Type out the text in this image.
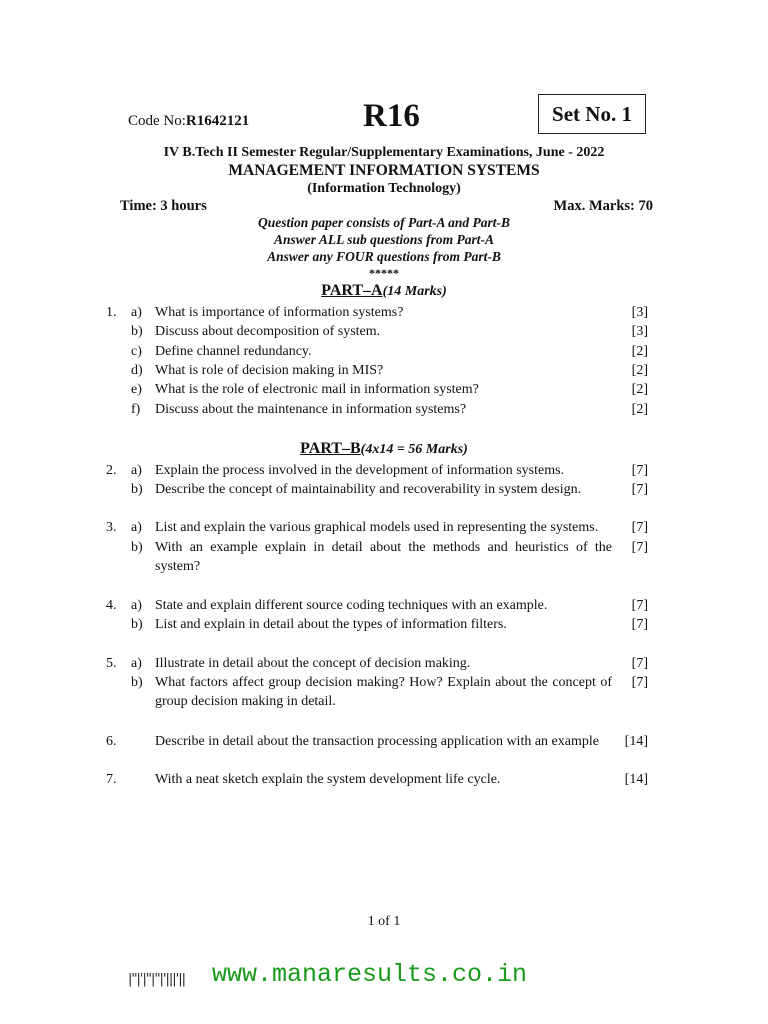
Code No:R1642121	R16	Set No. 1
IV B.Tech II Semester Regular/Supplementary Examinations, June - 2022
MANAGEMENT INFORMATION SYSTEMS
(Information Technology)
Time: 3 hours	Max. Marks: 70
Question paper consists of Part-A and Part-B
Answer ALL sub questions from Part-A
Answer any FOUR questions from Part-B
*****
PART–A(14 Marks)
1. a) What is importance of information systems?	[3]
b) Discuss about decomposition of system.	[3]
c) Define channel redundancy.	[2]
d) What is role of decision making in MIS?	[2]
e) What is the role of electronic mail in information system?	[2]
f) Discuss about the maintenance in information systems?	[2]
PART–B(4x14 = 56 Marks)
2. a) Explain the process involved in the development of information systems.	[7]
b) Describe the concept of maintainability and recoverability in system design.	[7]
3. a) List and explain the various graphical models used in representing the systems.	[7]
b) With an example explain in detail about the methods and heuristics of the system?
[7]
4. a) State and explain different source coding techniques with an example.	[7]
b) List and explain in detail about the types of information filters.	[7]
5. a) Illustrate in detail about the concept of decision making.	[7]
b) What factors affect group decision making? How? Explain about the concept of group decision making in detail.
[7]
6.	Describe in detail about the transaction processing application with an example	[14]
7.	With a neat sketch explain the system development life cycle.	[14]
1 of 1
|''|'|''|''|'|||'|| www.manaresults.co.in
